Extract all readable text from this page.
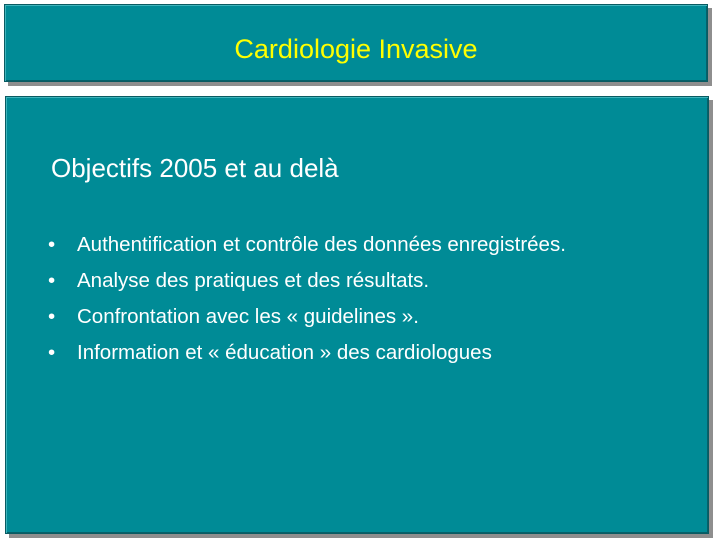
Cardiologie Invasive
Objectifs 2005 et au delà
•	Authentification et contrôle des données enregistrées.
•	Analyse des pratiques et des résultats.
•	Confrontation avec les « guidelines ».
•	Information et « éducation » des cardiologues
